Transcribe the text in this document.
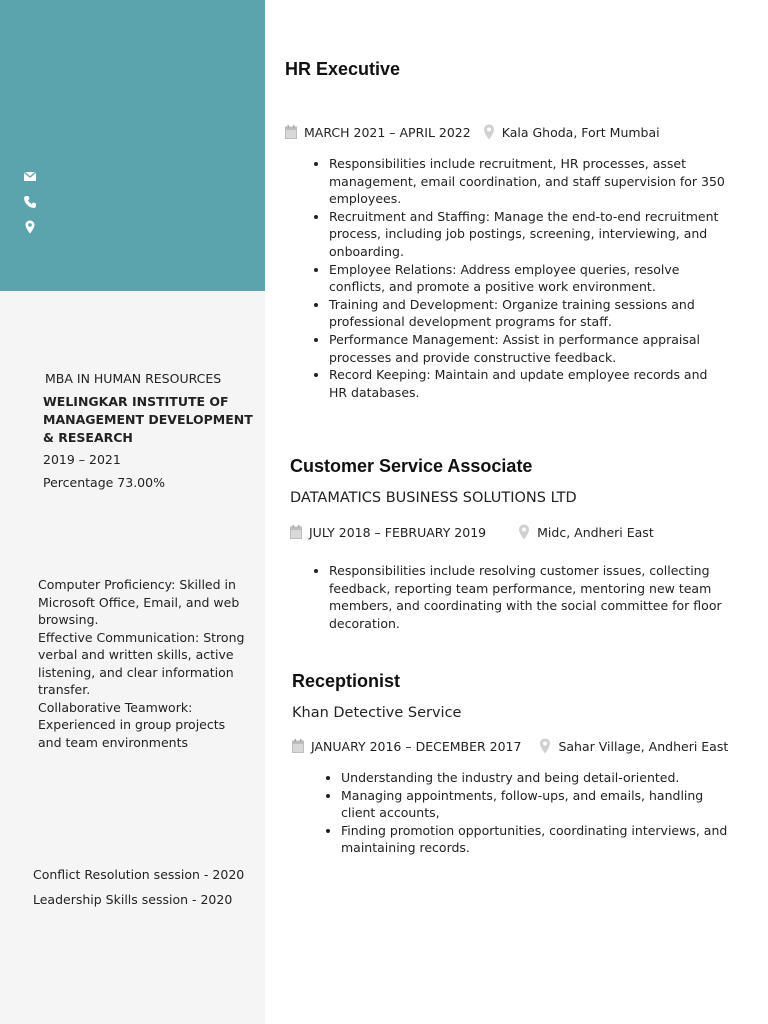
MBA IN HUMAN RESOURCES
WELINGKAR INSTITUTE OF MANAGEMENT DEVELOPMENT & RESEARCH
2019 – 2021
Percentage 73.00%
Computer Proficiency: Skilled in Microsoft Office, Email, and web browsing.
Effective Communication: Strong verbal and written skills, active listening, and clear information transfer.
Collaborative Teamwork: Experienced in group projects and team environments
Conflict Resolution session - 2020
Leadership Skills session - 2020
HR Executive
MARCH 2021 – APRIL 2022 Kala Ghoda, Fort Mumbai
• Responsibilities include recruitment, HR processes, asset management, email coordination, and staff supervision for 350 employees.
• Recruitment and Staffing: Manage the end-to-end recruitment process, including job postings, screening, interviewing, and onboarding.
• Employee Relations: Address employee queries, resolve conflicts, and promote a positive work environment.
• Training and Development: Organize training sessions and professional development programs for staff.
• Performance Management: Assist in performance appraisal processes and provide constructive feedback.
• Record Keeping: Maintain and update employee records and HR databases.
Customer Service Associate
DATAMATICS BUSINESS SOLUTIONS LTD
JULY 2018 – FEBRUARY 2019	Midc, Andheri East
• Responsibilities include resolving customer issues, collecting feedback, reporting team performance, mentoring new team members, and coordinating with the social committee for floor decoration.
Receptionist
Khan Detective Service
JANUARY 2016 – DECEMBER 2017	Sahar Village, Andheri East
• Understanding the industry and being detail-oriented.
• Managing appointments, follow-ups, and emails, handling client accounts,
• Finding promotion opportunities, coordinating interviews, and maintaining records.
